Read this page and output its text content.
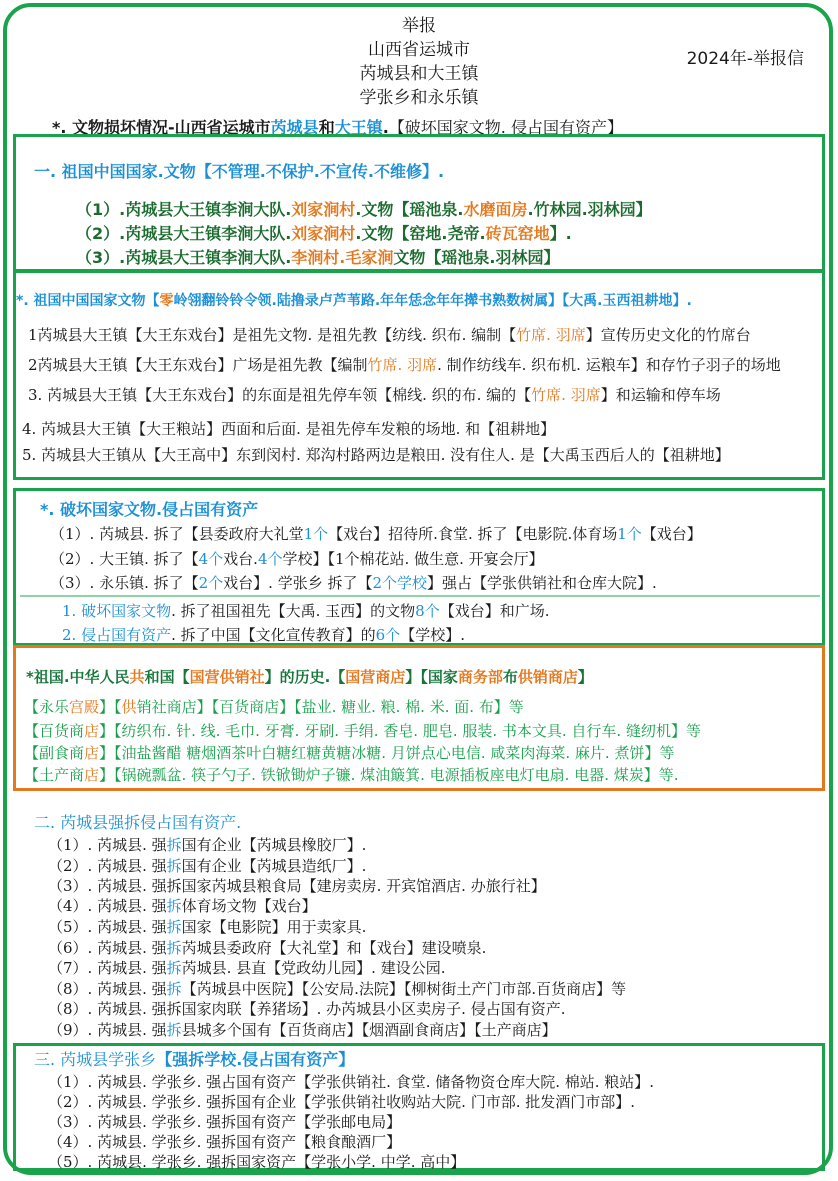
举报
山西省运城市
芮城县和大王镇
学张乡和永乐镇
2024年-举报信
*. 文物损坏情况-山西省运城市芮城县和大王镇.【破坏国家文物. 侵占国有资产】
一. 祖国中国国家.文物【不管理.不保护.不宣传.不维修】.
（1）.芮城县大王镇李涧大队.刘家涧村.文物【瑶池泉.水磨面房.竹林园.羽林园】
（2）.芮城县大王镇李涧大队.刘家涧村.文物【窑地.尧帝.砖瓦窑地】.
（3）.芮城县大王镇李涧大队.李涧村.毛家涧文物【瑶池泉.羽林园】
*. 祖国中国国家文物【零岭翎翻铃铃令领.陆撸录卢芦苇路.年年恁念年年撵书熟数树属】【大禹.玉西祖耕地】.
*. 破坏国家文物.侵占国有资产
1芮城县大王镇【大王东戏台】是祖先文物. 是祖先教【纺线. 织布. 编制【竹席. 羽席】宣传历史文化的竹席台
2芮城县大王镇【大王东戏台】广场是祖先教【编制竹席. 羽席. 制作纺线车. 织布机. 运粮车】和存竹子羽子的场地
3. 芮城县大王镇【大王东戏台】的东面是祖先停车领【棉线. 织的布. 编的【竹席. 羽席】和运输和停车场
4. 芮城县大王镇【大王粮站】西面和后面. 是祖先停车发粮的场地. 和【祖耕地】
5. 芮城县大王镇从【大王高中】东到闵村. 郑沟村路两边是粮田. 没有住人. 是【大禹玉西后人的【祖耕地】
（1）. 芮城县. 拆了【县委政府大礼堂1个【戏台】招待所.食堂. 拆了【电影院.体育场1个【戏台】
（2）. 大王镇. 拆了【4个戏台.4个学校】【1个棉花站. 做生意. 开宴会厅】
（3）. 永乐镇. 拆了【2个戏台】. 学张乡 拆了【2个学校】强占【学张供销社和仓库大院】.
1. 破坏国家文物. 拆了祖国祖先【大禹. 玉西】的文物8个【戏台】和广场.
2. 侵占国有资产. 拆了中国【文化宣传教育】的6个【学校】.
*祖国.中华人民共和国【国营供销社】的历史.【国营商店】【国家商务部布供销商店】
【永乐宫殿】【供销社商店】【百货商店】【盐业. 糖业. 粮. 棉. 米. 面. 布】等
【百货商店】【纺织布. 针. 线. 毛巾. 牙膏. 牙刷. 手绢. 香皂. 肥皂. 服装. 书本文具. 自行车. 缝纫机】等
【副食商店】【油盐酱醋 糖烟酒茶叶白糖红糖黄糖冰糖. 月饼点心电信. 咸菜肉海菜. 麻片. 煮饼】等
【土产商店】【锅碗瓢盆. 筷子勺子. 铁锨锄炉子镰. 煤油簸箕. 电源插板座电灯电扇. 电器. 煤炭】等.
二. 芮城县强拆侵占国有资产.
（1）. 芮城县. 强拆国有企业【芮城县橡胶厂】.
（2）. 芮城县. 强拆国有企业【芮城县造纸厂】.
（3）. 芮城县. 强拆国家芮城县粮食局【建房卖房. 开宾馆酒店. 办旅行社】
（4）. 芮城县. 强拆体育场文物【戏台】
（5）. 芮城县. 强拆国家【电影院】用于卖家具.
（6）. 芮城县. 强拆芮城县委政府【大礼堂】和【戏台】建设喷泉.
（7）. 芮城县. 强拆芮城县. 县直【党政幼儿园】. 建设公园.
（8）. 芮城县. 强拆【芮城县中医院】【公安局.法院】【柳树街土产门市部.百货商店】等
（8）. 芮城县. 强拆国家肉联【养猪场】. 办芮城县小区卖房子. 侵占国有资产.
（9）. 芮城县. 强拆县城多个国有【百货商店】【烟酒副食商店】【土产商店】
三. 芮城县学张乡【强拆学校.侵占国有资产】
（1）. 芮城县. 学张乡. 强占国有资产【学张供销社. 食堂. 储备物资仓库大院. 棉站. 粮站】.
（2）. 芮城县. 学张乡. 强拆国有企业【学张供销社收购站大院. 门市部. 批发酒门市部】.
（3）. 芮城县. 学张乡. 强拆国有资产【学张邮电局】
（4）. 芮城县. 学张乡. 强拆国有资产【粮食酿酒厂】
（5）. 芮城县. 学张乡. 强拆国家资产【学张小学. 中学. 高中】
